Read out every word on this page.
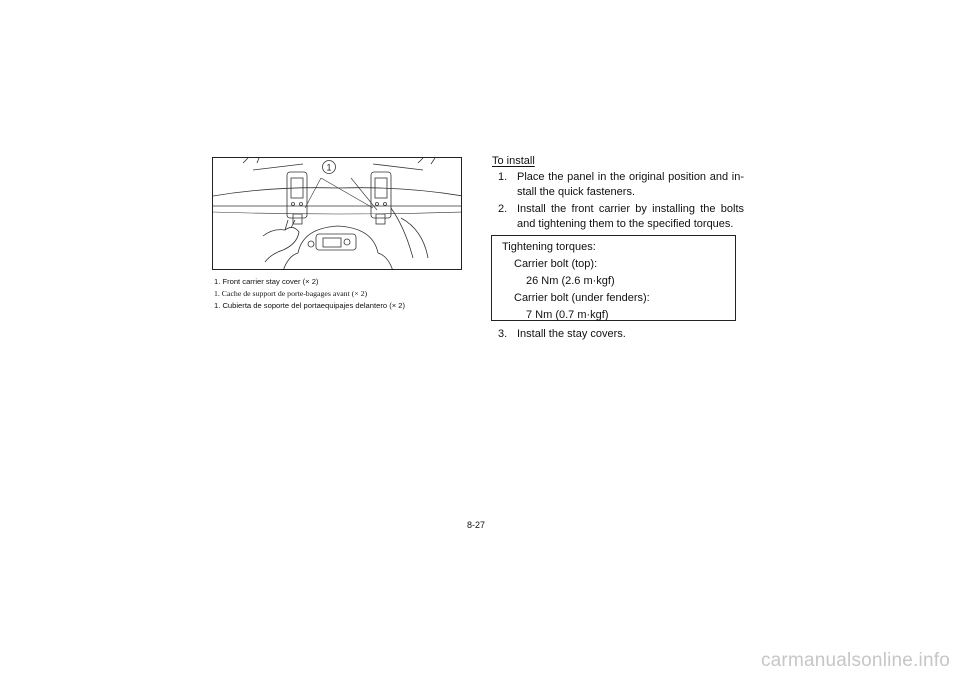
1
1. Front carrier stay cover (× 2)
1. Cache de support de porte-bagages avant (× 2)
1. Cubierta de soporte del portaequipajes delantero (× 2)
To install
1. Place the panel in the original position and in-stall the quick fasteners.
2. Install the front carrier by installing the bolts and tightening them to the specified torques.
Tightening torques:
Carrier bolt (top):
26 Nm (2.6 m·kgf)
Carrier bolt (under fenders):
7 Nm (0.7 m·kgf)
3. Install the stay covers.
8-27
carmanualsonline.info
